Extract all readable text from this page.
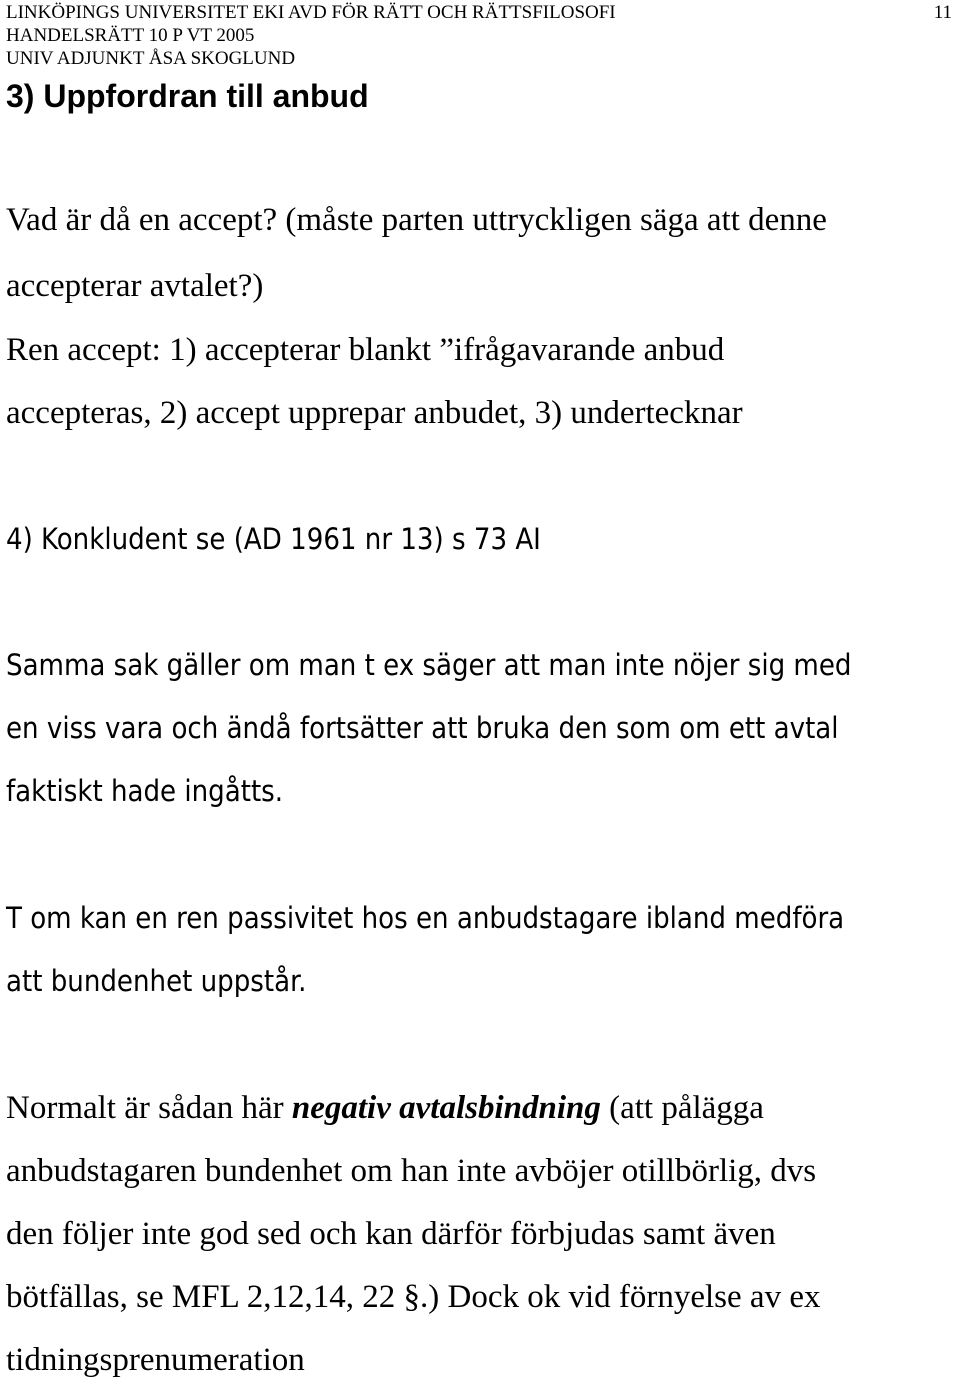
LINKÖPINGS UNIVERSITET EKI AVD FÖR RÄTT OCH RÄTTSFILOSOFI
HANDELSRÄTT 10 P VT 2005
UNIV ADJUNKT ÅSA SKOGLUND
11
3) Uppfordran till anbud
Vad är då en accept? (måste parten uttryckligen säga att denne
accepterar avtalet?)
Ren accept: 1) accepterar blankt ”ifrågavarande anbud
accepteras, 2) accept upprepar anbudet, 3) undertecknar
4) Konkludent se (AD 1961 nr 13) s 73 AI
Samma sak gäller om man t ex säger att man inte nöjer sig med
en viss vara och ändå fortsätter att bruka den som om ett avtal
faktiskt hade ingåtts.
T om kan en ren passivitet hos en anbudstagare ibland medföra
att bundenhet uppstår.
Normalt är sådan här negativ avtalsbindning (att pålägga
anbudstagaren bundenhet om han inte avböjer otillbörlig, dvs
den följer inte god sed och kan därför förbjudas samt även
bötfällas, se MFL 2,12,14, 22 §.) Dock ok vid förnyelse av ex
tidningsprenumeration
